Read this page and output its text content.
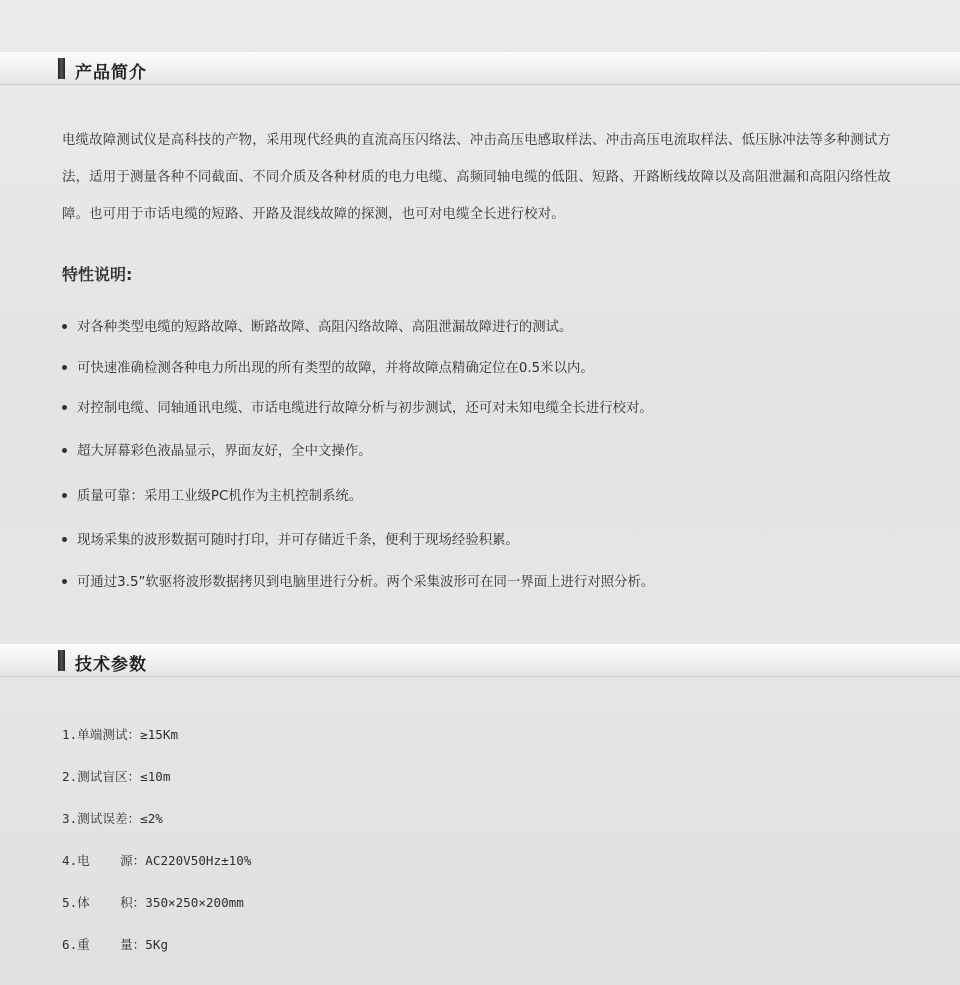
产品简介

电缆故障测试仪是高科技的产物，采用现代经典的直流高压闪络法、冲击高压电感取样法、冲击高压电流取样法、低压脉冲法等多种测试方法，适用于测量各种不同截面、不同介质及各种材质的电力电缆、高频同轴电缆的低阻、短路、开路断线故障以及高阻泄漏和高阻闪络性故障。也可用于市话电缆的短路、开路及混线故障的探测，也可对电缆全长进行校对。

特性说明:
对各种类型电缆的短路故障、断路故障、高阻闪络故障、高阻泄漏故障进行的测试。
可快速准确检测各种电力所出现的所有类型的故障，并将故障点精确定位在0.5米以内。
对控制电缆、同轴通讯电缆、市话电缆进行故障分析与初步测试，还可对未知电缆全长进行校对。
超大屏幕彩色液晶显示，界面友好，全中文操作。
质量可靠：采用工业级PC机作为主机控制系统。
现场采集的波形数据可随时打印，并可存储近千条，便利于现场经验积累。
可通过3.5”软驱将波形数据拷贝到电脑里进行分析。两个采集波形可在同一界面上进行对照分析。
技术参数
1.单端测试：≥15Km
2.测试盲区：≤10m
3.测试误差：≤2%
4.电    源：AC220V50Hz±10%
5.体    积：350×250×200mm
6.重    量：5Kg
